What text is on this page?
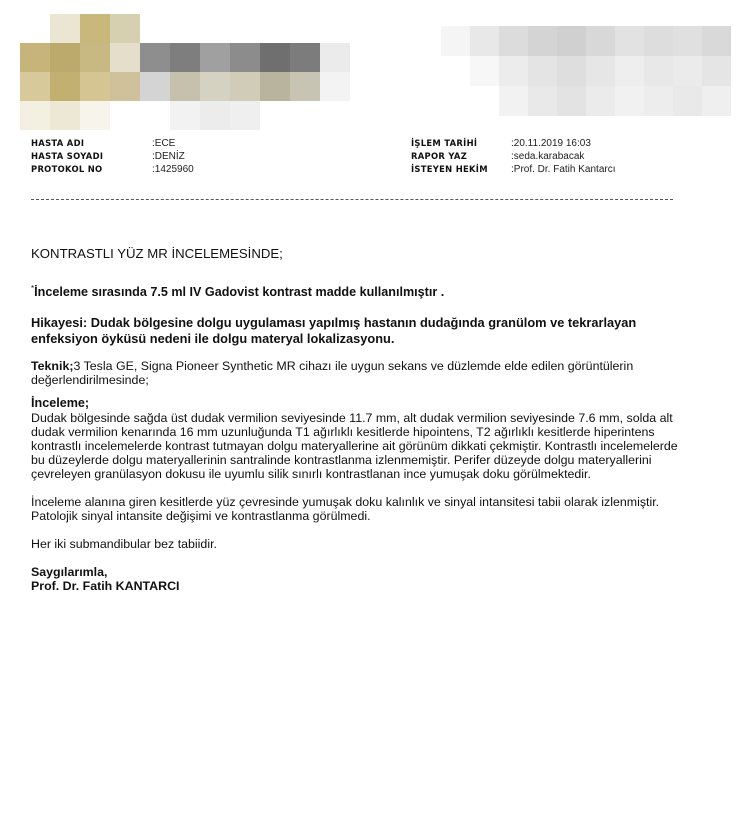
HASTA ADI	: ECE
HASTA SOYADI	: DENİZ
PROTOKOL NO	: 1425960
İŞLEM TARİHİ	: 20.11.2019 16:03
RAPOR YAZ	: seda.karabacak
İSTEYEN HEKİM	: Prof. Dr. Fatih Kantarcı

KONTRASTLI YÜZ MR İNCELEMESİNDE;

*İnceleme sırasında 7.5 ml IV Gadovist kontrast madde kullanılmıştır .

Hikayesi: Dudak bölgesine dolgu uygulaması yapılmış hastanın dudağında granülom ve tekrarlayan enfeksiyon öyküsü nedeni ile dolgu materyal lokalizasyonu.

Teknik;3 Tesla GE, Signa Pioneer Synthetic MR cihazı ile uygun sekans ve düzlemde elde edilen görüntülerin değerlendirilmesinde;

İnceleme;

Dudak bölgesinde sağda üst dudak vermilion seviyesinde 11.7 mm, alt dudak vermilion seviyesinde 7.6 mm, solda alt dudak vermilion kenarında 16 mm uzunluğunda T1 ağırlıklı kesitlerde hipointens, T2 ağırlıklı kesitlerde hiperintens kontrastlı incelemelerde kontrast tutmayan dolgu materyallerine ait görünüm dikkati çekmiştir. Kontrastlı incelemelerde bu düzeylerde dolgu materyallerinin santralinde kontrastlanma izlenmemiştir. Perifer düzeyde dolgu materyallerini çevreleyen granülasyon dokusu ile uyumlu silik sınırlı kontrastlanan ince yumuşak doku görülmektedir.

İnceleme alanına giren kesitlerde yüz çevresinde yumuşak doku kalınlık ve sinyal intansitesi tabii olarak izlenmiştir. Patolojik sinyal intansite değişimi ve kontrastlanma görülmedi.

Her iki submandibular bez tabiidir.

Saygılarımla,

Prof. Dr. Fatih KANTARCI
